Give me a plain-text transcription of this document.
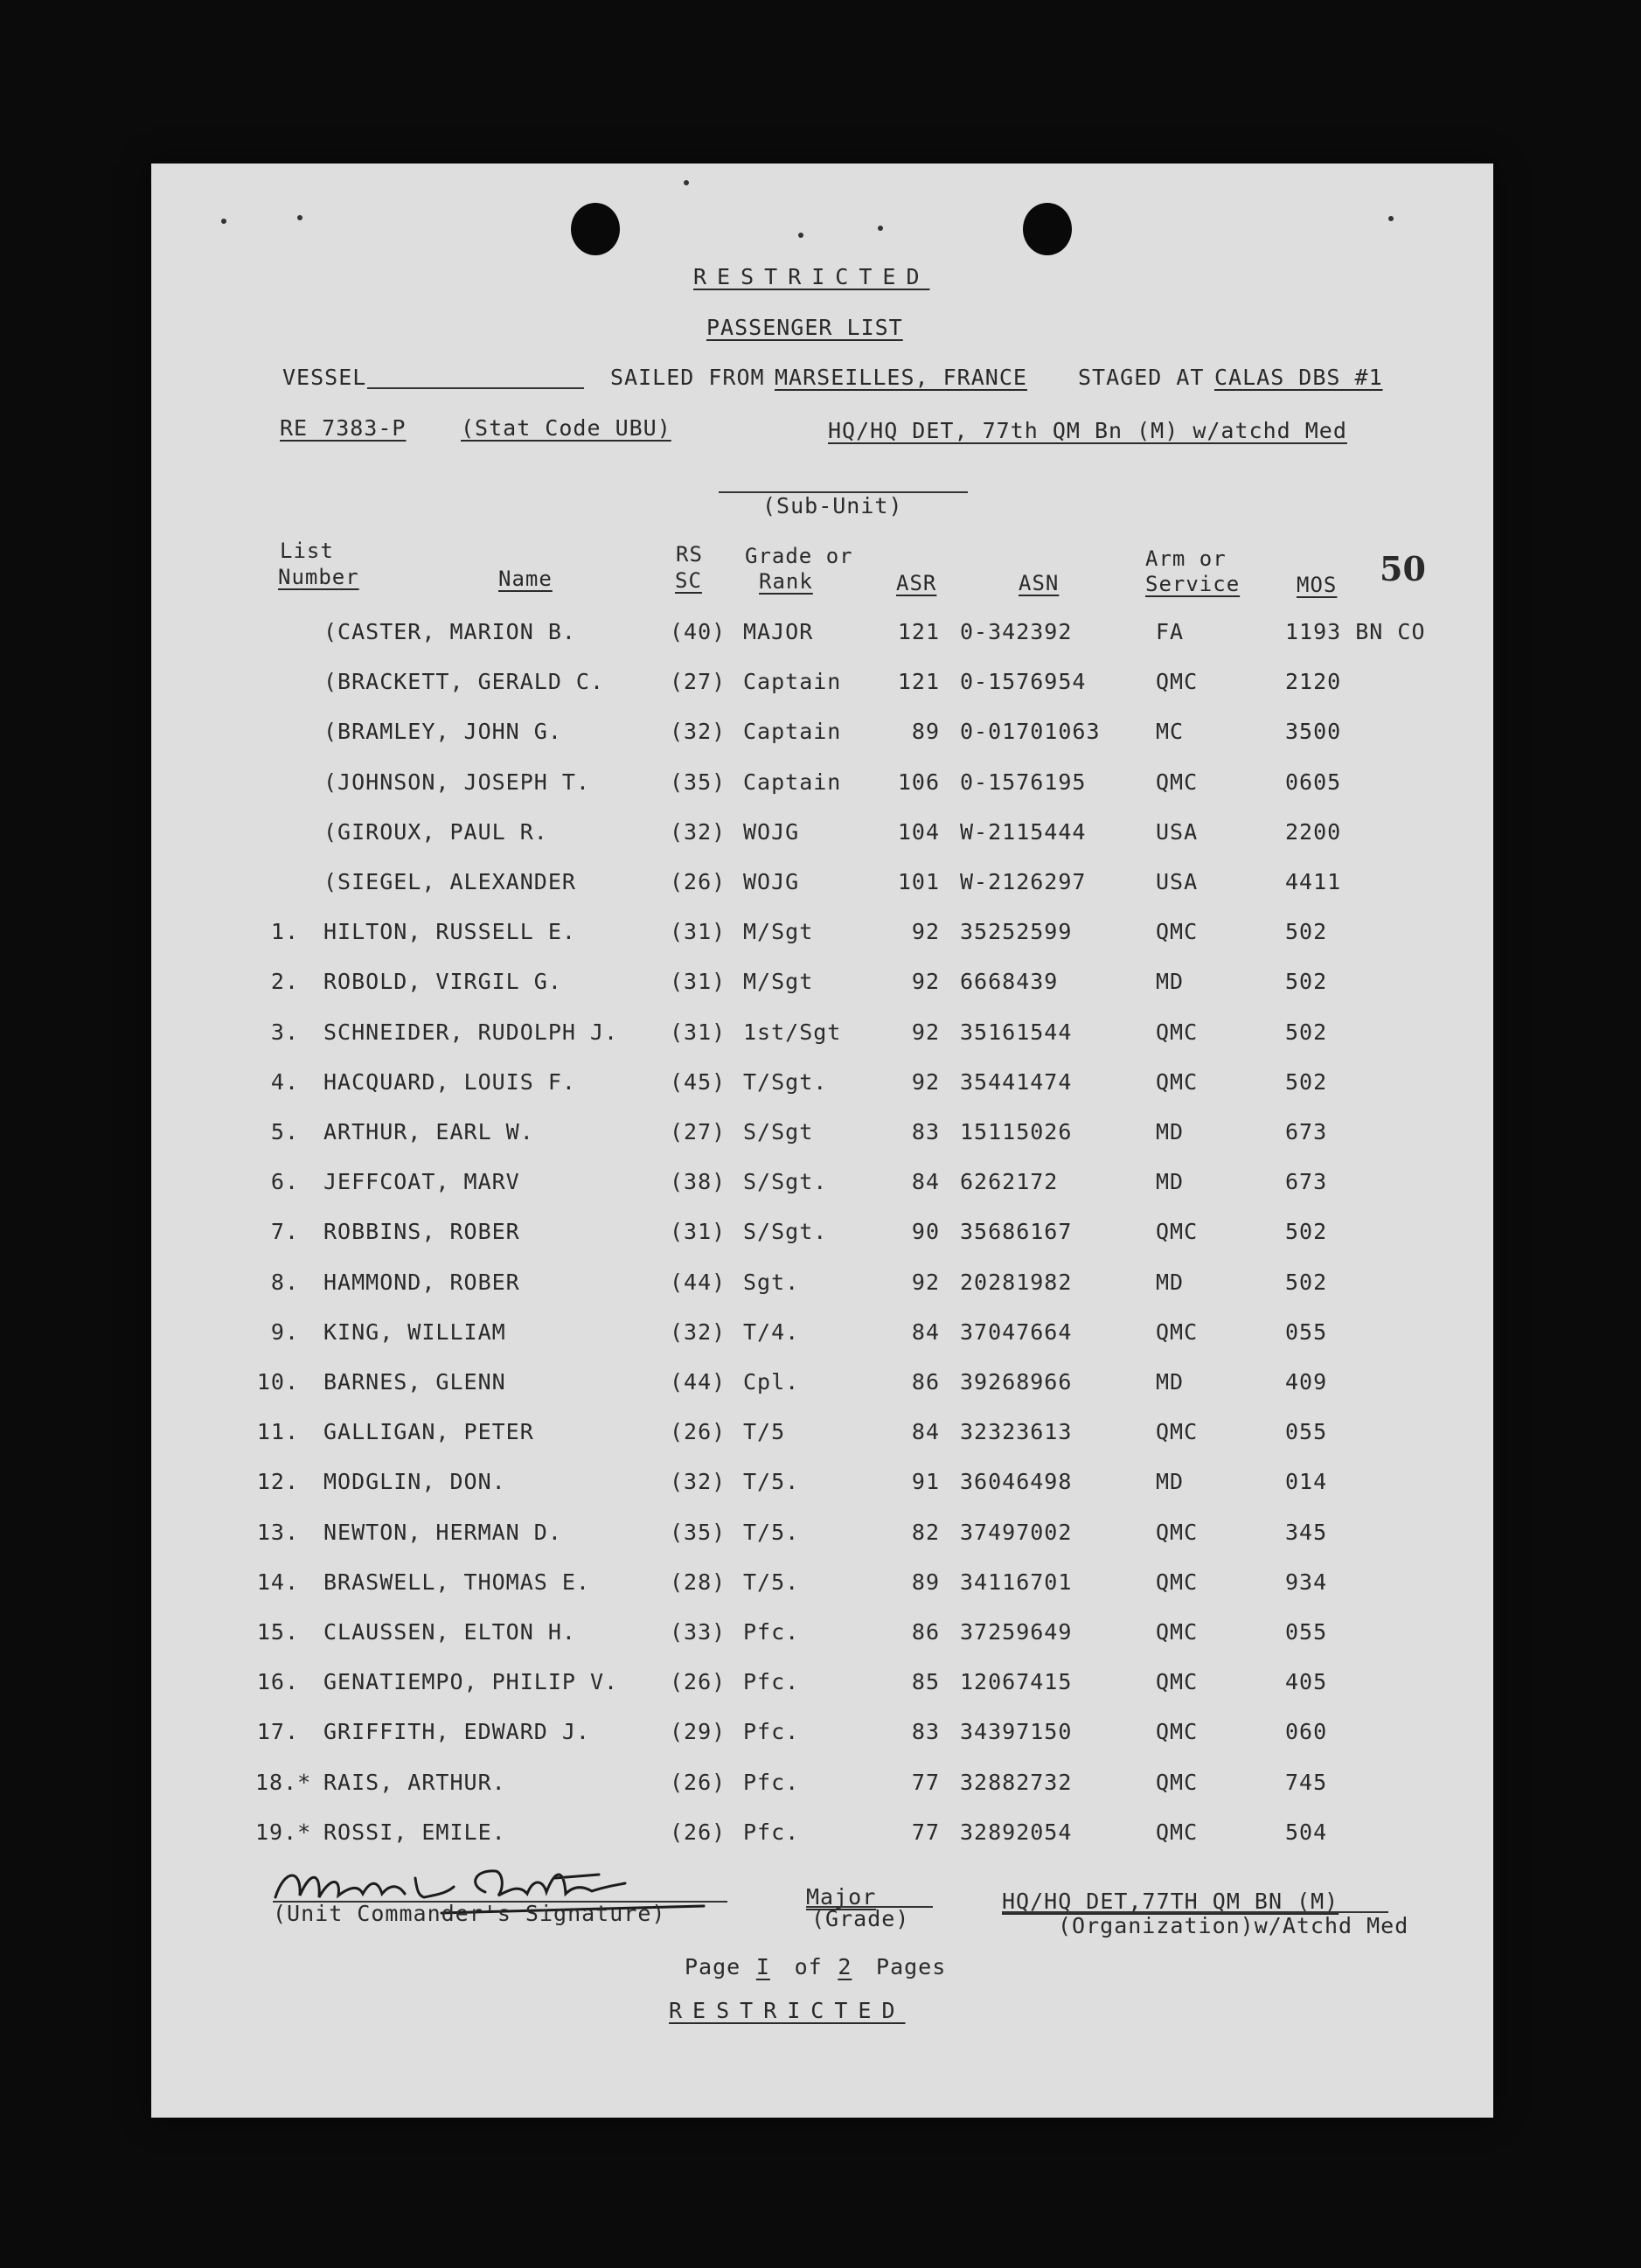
RESTRICTED
PASSENGER LIST
VESSEL	SAILED FROM MARSEILLES, FRANCE STAGED AT CALAS DBS #1
RE 7383-P	(Stat Code UBU)	HQ/HQ DET, 77th QM Bn (M) w/atchd Med
(Sub-Unit)
List
Number	Name
RS
SC
Grade or
Rank	ASR	ASN
Arm or
Service	MOS 50
(CASTER, MARION B.	(40) MAJOR	121 0-342392	FA	1193 BN CO
(BRACKETT, GERALD C.	(27) Captain	121 0-1576954	QMC	2120
(BRAMLEY, JOHN G.	(32) Captain	89 0-01701063	MC	3500
(JOHNSON, JOSEPH T.	(35) Captain	106 0-1576195	QMC	0605
(GIROUX, PAUL R.	(32) WOJG	104 W-2115444	USA	2200
(SIEGEL, ALEXANDER	(26) WOJG	101 W-2126297	USA	4411
1. HILTON, RUSSELL E.	(31) M/Sgt	92 35252599	QMC	502
2. ROBOLD, VIRGIL G.	(31) M/Sgt	92 6668439	MD	502
3. SCHNEIDER, RUDOLPH J. (31) 1st/Sgt	92 35161544	QMC	502
4. HACQUARD, LOUIS F.	(45) T/Sgt.	92 35441474	QMC	502
5. ARTHUR, EARL W.	(27) S/Sgt	83 15115026	MD	673
6. JEFFCOAT, MARV	(38) S/Sgt.	84 6262172	MD	673
7. ROBBINS, ROBER	(31) S/Sgt.	90 35686167	QMC	502
8. HAMMOND, ROBER	(44) Sgt.	92 20281982	MD	502
9. KING, WILLIAM	(32) T/4.	84 37047664	QMC	055
10. BARNES, GLENN	(44) Cpl.	86 39268966	MD	409
11. GALLIGAN, PETER	(26) T/5	84 32323613	QMC	055
12. MODGLIN, DON.	(32) T/5.	91 36046498	MD	014
13. NEWTON, HERMAN D.	(35) T/5.	82 37497002	QMC	345
14. BRASWELL, THOMAS E.	(28) T/5.	89 34116701	QMC	934
15. CLAUSSEN, ELTON H.	(33) Pfc.	86 37259649	QMC	055
16. GENATIEMPO, PHILIP V. (26) Pfc.	85 12067415	QMC	405
17. GRIFFITH, EDWARD J.	(29) Pfc.	83 34397150	QMC	060
18.* RAIS, ARTHUR.	(26) Pfc.	77 32882732	QMC	745
19.* ROSSI, EMILE.	(26) Pfc.	77 32892054	QMC	504
(Unit Commander's Signature)
Major
(Grade)
HQ/HQ DET,77TH QM BN (M)
(Organization)w/Atchd Med
Page I of 2 Pages
RESTRICTED
